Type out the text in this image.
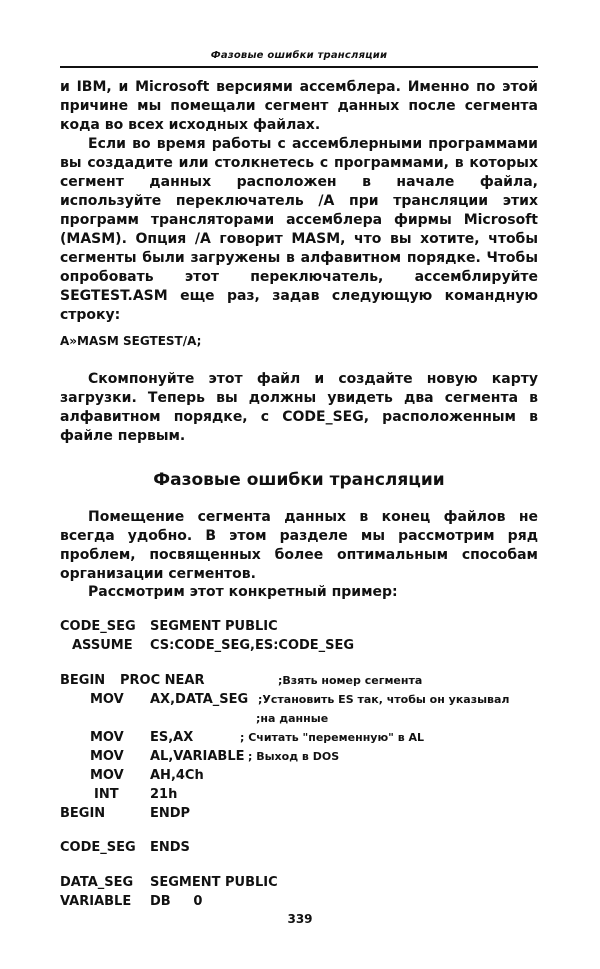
Фазовые ошибки трансляции

и IBM, и Microsoft версиями ассемблера. Именно по этой причине мы помещали сегмент данных после сегмента кода во всех исходных файлах.

Если во время работы с ассемблерными программами вы создадите или столкнетесь с программами, в которых сегмент данных расположен в начале файла, используйте переключатель /A при трансляции этих программ трансляторами ассемблера фирмы Microsoft (MASM). Опция /A говорит MASM, что вы хотите, чтобы сегменты были загружены в алфавитном порядке. Чтобы опробовать этот переключатель, ассемблируйте SEGTEST.ASM еще раз, задав следующую командную строку:

A»MASM SEGTEST/A;

Скомпонуйте этот файл и создайте новую карту загрузки. Теперь вы должны увидеть два сегмента в алфавитном порядке, с CODE_SEG, расположенным в файле первым.

Фазовые ошибки трансляции

Помещение сегмента данных в конец файлов не всегда удобно. В этом разделе мы рассмотрим ряд проблем, посвященных более оптимальным способам организации сегментов.

Рассмотрим этот конкретный пример:

CODE_SEG SEGMENT PUBLIC
ASSUME CS:CODE_SEG,ES:CODE_SEG
BEGIN PROC NEAR	;Взять номер сегмента
MOV AX,DATA_SEG ;Установить ES так, чтобы он указывал
;на данные
MOV ES,AX	; Считать "переменную" в AL
MOV AL,VARIABLE ; Выход в DOS
MOV AH,4Ch
INT 21h
BEGIN	ENDP
CODE_SEG ENDS
DATA_SEG SEGMENT PUBLIC
VARIABLE DB     0
339
